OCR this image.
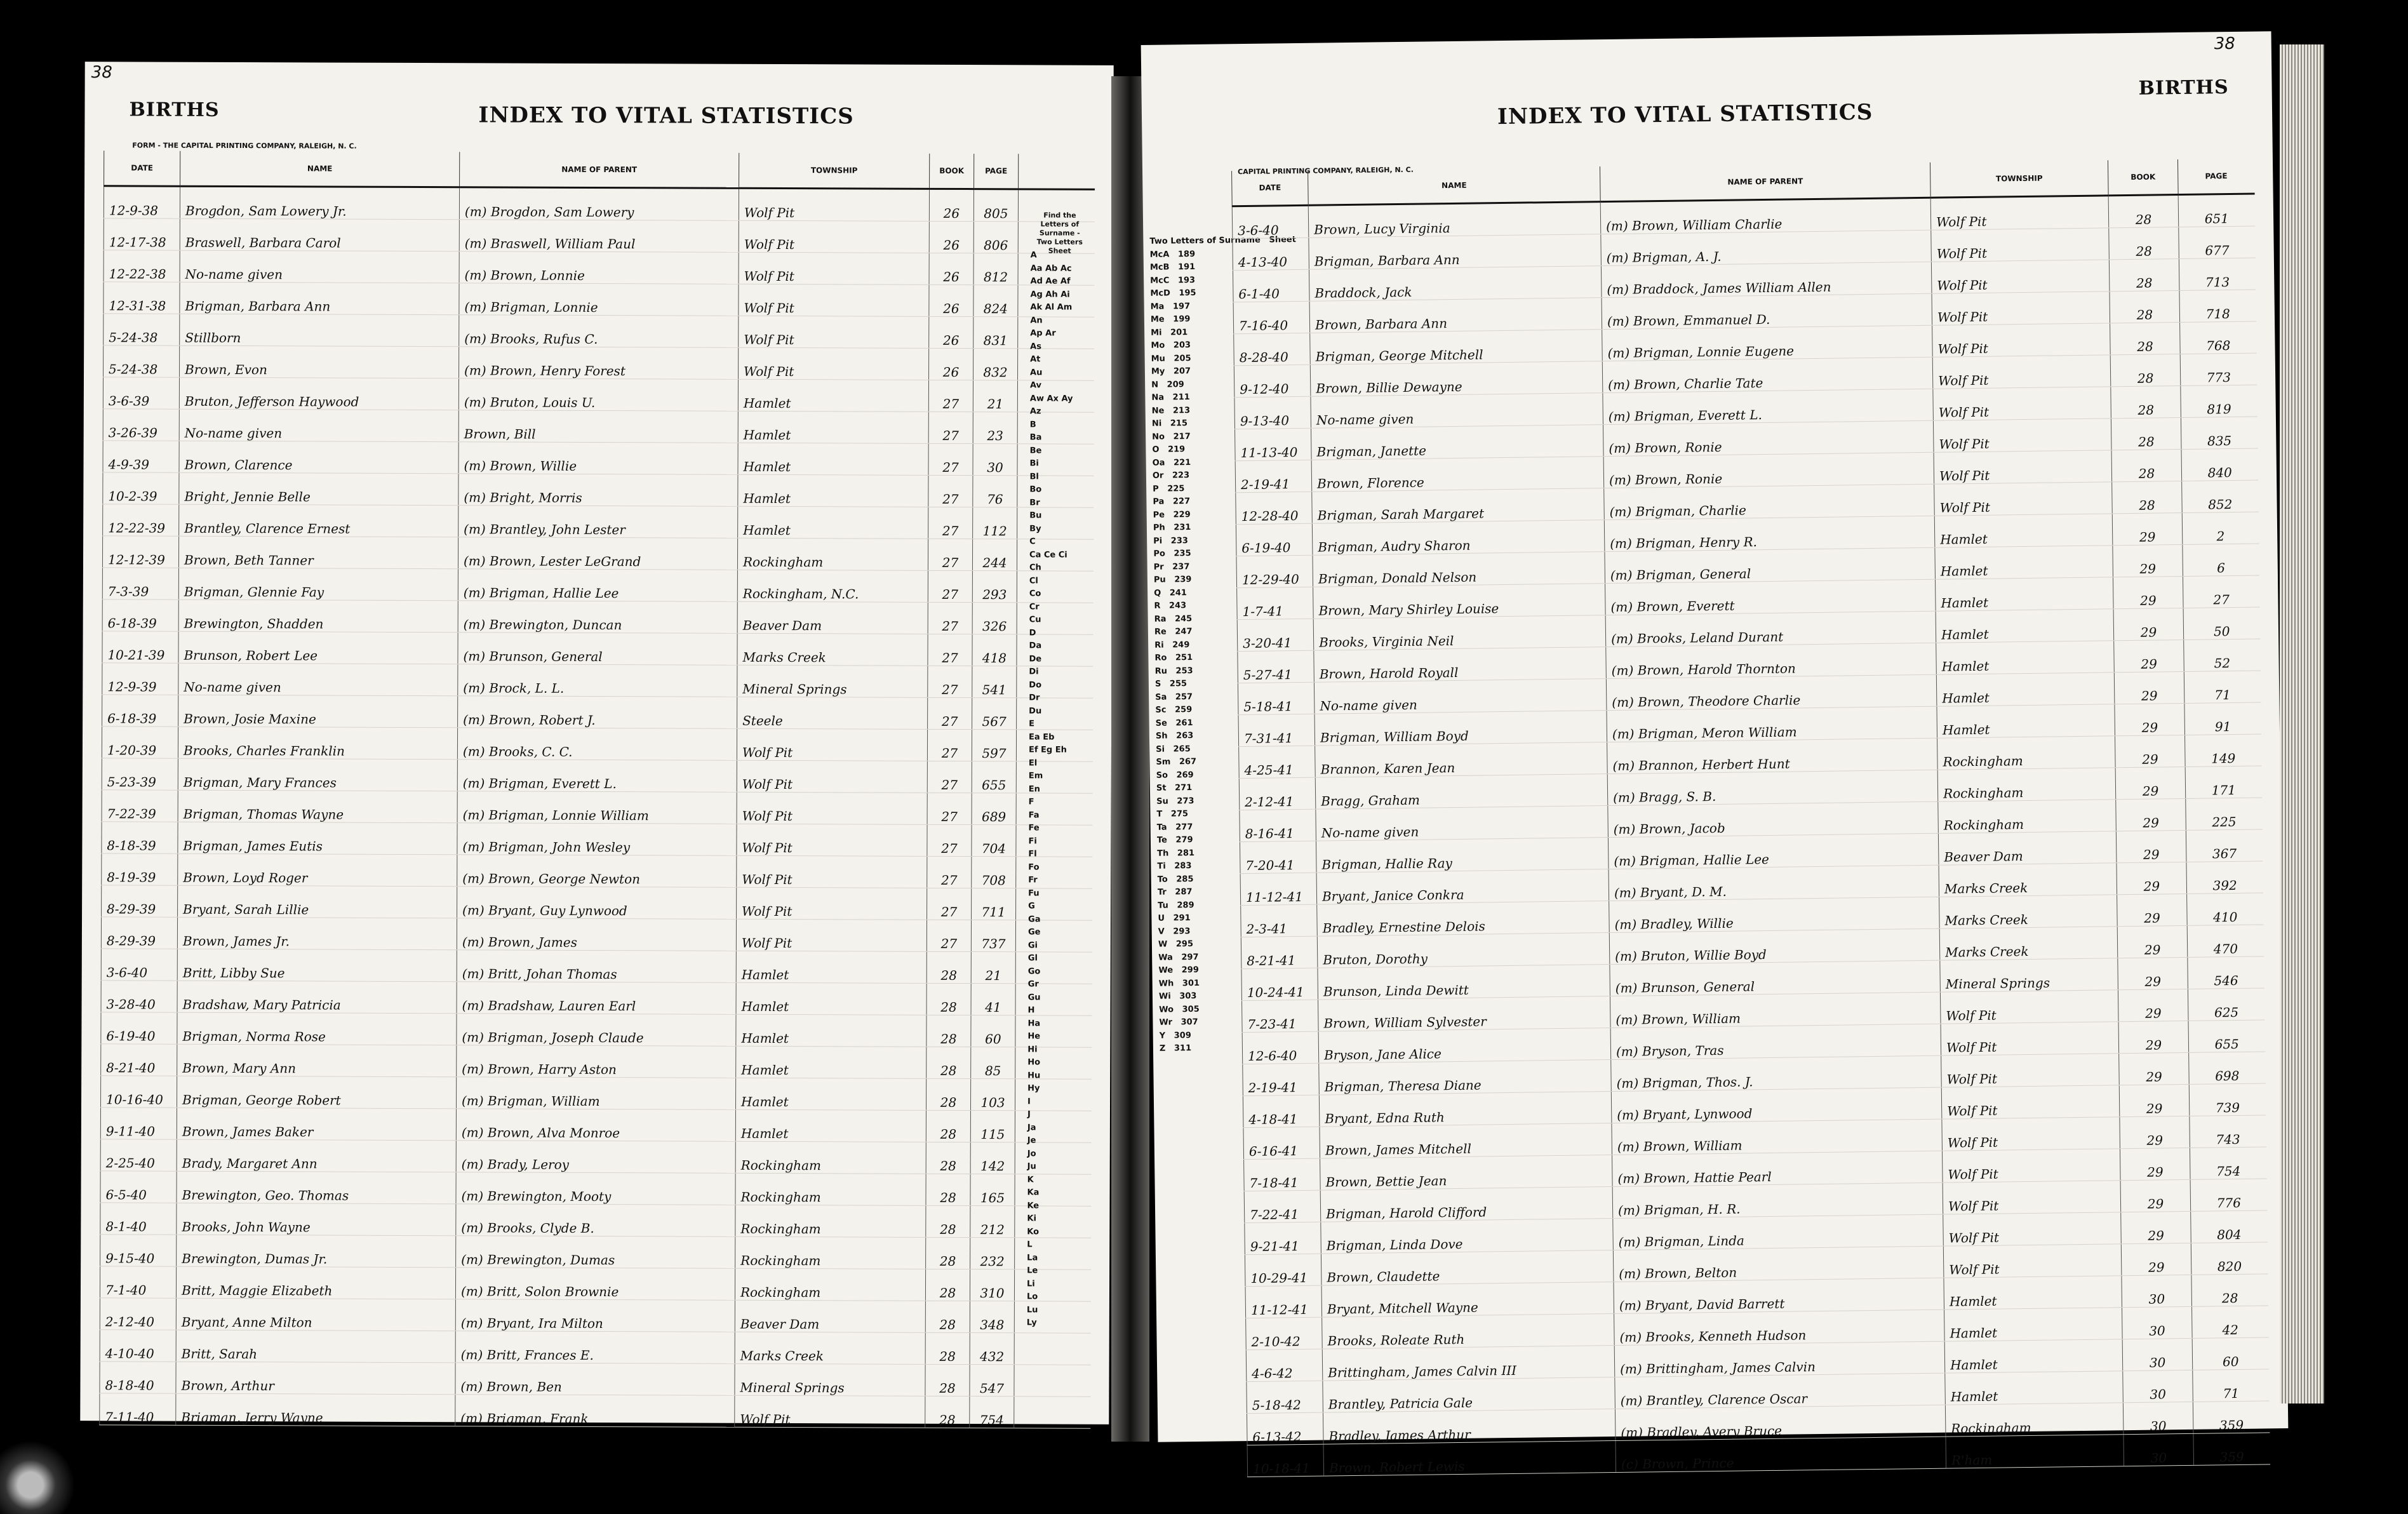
38
BIRTHS	INDEX TO VITAL STATISTICS
FORM - THE CAPITAL PRINTING COMPANY, RALEIGH, N. C.
DATE	NAME	NAME OF PARENT	TOWNSHIP	BOOK	PAGE	
12-9-38	Brogdon, Sam Lowery Jr.	(m) Brogdon, Sam Lowery	Wolf Pit	26	805	
12-17-38	Braswell, Barbara Carol	(m) Braswell, William Paul	Wolf Pit	26	806	
12-22-38	No-name given	(m) Brown, Lonnie	Wolf Pit	26	812	
12-31-38	Brigman, Barbara Ann	(m) Brigman, Lonnie	Wolf Pit	26	824	
5-24-38	Stillborn	(m) Brooks, Rufus C.	Wolf Pit	26	831	
5-24-38	Brown, Evon	(m) Brown, Henry Forest	Wolf Pit	26	832	
3-6-39	Bruton, Jefferson Haywood	(m) Bruton, Louis U.	Hamlet	27	21	
3-26-39	No-name given	Brown, Bill	Hamlet	27	23	
4-9-39	Brown, Clarence	(m) Brown, Willie	Hamlet	27	30	
10-2-39	Bright, Jennie Belle	(m) Bright, Morris	Hamlet	27	76	
12-22-39	Brantley, Clarence Ernest	(m) Brantley, John Lester	Hamlet	27	112	
12-12-39	Brown, Beth Tanner	(m) Brown, Lester LeGrand	Rockingham	27	244	
7-3-39	Brigman, Glennie Fay	(m) Brigman, Hallie Lee	Rockingham, N.C.	27	293	
6-18-39	Brewington, Shadden	(m) Brewington, Duncan	Beaver Dam	27	326	
10-21-39	Brunson, Robert Lee	(m) Brunson, General	Marks Creek	27	418	
12-9-39	No-name given	(m) Brock, L. L.	Mineral Springs	27	541	
6-18-39	Brown, Josie Maxine	(m) Brown, Robert J.	Steele	27	567	
1-20-39	Brooks, Charles Franklin	(m) Brooks, C. C.	Wolf Pit	27	597	
5-23-39	Brigman, Mary Frances	(m) Brigman, Everett L.	Wolf Pit	27	655	
7-22-39	Brigman, Thomas Wayne	(m) Brigman, Lonnie William	Wolf Pit	27	689	
8-18-39	Brigman, James Eutis	(m) Brigman, John Wesley	Wolf Pit	27	704	
8-19-39	Brown, Loyd Roger	(m) Brown, George Newton	Wolf Pit	27	708	
8-29-39	Bryant, Sarah Lillie	(m) Bryant, Guy Lynwood	Wolf Pit	27	711	
8-29-39	Brown, James Jr.	(m) Brown, James	Wolf Pit	27	737	
3-6-40	Britt, Libby Sue	(m) Britt, Johan Thomas	Hamlet	28	21	
3-28-40	Bradshaw, Mary Patricia	(m) Bradshaw, Lauren Earl	Hamlet	28	41	
6-19-40	Brigman, Norma Rose	(m) Brigman, Joseph Claude	Hamlet	28	60	
8-21-40	Brown, Mary Ann	(m) Brown, Harry Aston	Hamlet	28	85	
10-16-40	Brigman, George Robert	(m) Brigman, William	Hamlet	28	103	
9-11-40	Brown, James Baker	(m) Brown, Alva Monroe	Hamlet	28	115	
2-25-40	Brady, Margaret Ann	(m) Brady, Leroy	Rockingham	28	142	
6-5-40	Brewington, Geo. Thomas	(m) Brewington, Mooty	Rockingham	28	165	
8-1-40	Brooks, John Wayne	(m) Brooks, Clyde B.	Rockingham	28	212	
9-15-40	Brewington, Dumas Jr.	(m) Brewington, Dumas	Rockingham	28	232	
7-1-40	Britt, Maggie Elizabeth	(m) Britt, Solon Brownie	Rockingham	28	310	
2-12-40	Bryant, Anne Milton	(m) Bryant, Ira Milton	Beaver Dam	28	348	
4-10-40	Britt, Sarah	(m) Britt, Frances E.	Marks Creek	28	432	
8-18-40	Brown, Arthur	(m) Brown, Ben	Mineral Springs	28	547	
7-11-40	Brigman, Jerry Wayne	(m) Brigman, Frank	Wolf Pit	28	754	
Find the Letters of Surname - Two Letters Sheet
A
Aa Ab Ac
Ad Ae Af
Ag Ah Ai
Ak Al Am
An
Ap Ar
As
At
Au
Av
Aw Ax Ay
Az
B
Ba
Be
Bi
Bl
Bo
Br
Bu
By
C
Ca Ce Ci
Ch
Cl
Co
Cr
Cu
D
Da
De
Di
Do
Dr
Du
E
Ea Eb
Ef Eg Eh
El
Em
En
F
Fa
Fe
Fi
Fl
Fo
Fr
Fu
G
Ga
Ge
Gi
Gl
Go
Gr
Gu
H
Ha
He
Hi
Ho
Hu
Hy
I
J
Ja
Je
Jo
Ju
K
Ka
Ke
Ki
Ko
L
La
Le
Li
Lo
Lu
Ly
Two Letters of Surname   Sheet
McA   189
McB   191
McC   193
McD   195
Ma   197
Me   199
Mi   201
Mo   203
Mu   205
My   207
N   209
Na   211
Ne   213
Ni   215
No   217
O   219
Oa   221
Or   223
P   225
Pa   227
Pe   229
Ph   231
Pi   233
Po   235
Pr   237
Pu   239
Q   241
R   243
Ra   245
Re   247
Ri   249
Ro   251
Ru   253
S   255
Sa   257
Sc   259
Se   261
Sh   263
Si   265
Sm   267
So   269
St   271
Su   273
T   275
Ta   277
Te   279
Th   281
Ti   283
To   285
Tr   287
Tu   289
U   291
V   293
W   295
Wa   297
We   299
Wh   301
Wi   303
Wo   305
Wr   307
Y   309
Z   311
38
BIRTHS
INDEX TO VITAL STATISTICS
CAPITAL PRINTING COMPANY, RALEIGH, N. C.
DATE	NAME	NAME OF PARENT	TOWNSHIP	BOOK	PAGE
3-6-40	Brown, Lucy Virginia	(m) Brown, William Charlie	Wolf Pit	28	651
4-13-40	Brigman, Barbara Ann	(m) Brigman, A. J.	Wolf Pit	28	677
6-1-40	Braddock, Jack	(m) Braddock, James William Allen	Wolf Pit	28	713
7-16-40	Brown, Barbara Ann	(m) Brown, Emmanuel D.	Wolf Pit	28	718
8-28-40	Brigman, George Mitchell	(m) Brigman, Lonnie Eugene	Wolf Pit	28	768
9-12-40	Brown, Billie Dewayne	(m) Brown, Charlie Tate	Wolf Pit	28	773
9-13-40	No-name given	(m) Brigman, Everett L.	Wolf Pit	28	819
11-13-40	Brigman, Janette	(m) Brown, Ronie	Wolf Pit	28	835
2-19-41	Brown, Florence	(m) Brown, Ronie	Wolf Pit	28	840
12-28-40	Brigman, Sarah Margaret	(m) Brigman, Charlie	Wolf Pit	28	852
6-19-40	Brigman, Audry Sharon	(m) Brigman, Henry R.	Hamlet	29	2
12-29-40	Brigman, Donald Nelson	(m) Brigman, General	Hamlet	29	6
1-7-41	Brown, Mary Shirley Louise	(m) Brown, Everett	Hamlet	29	27
3-20-41	Brooks, Virginia Neil	(m) Brooks, Leland Durant	Hamlet	29	50
5-27-41	Brown, Harold Royall	(m) Brown, Harold Thornton	Hamlet	29	52
5-18-41	No-name given	(m) Brown, Theodore Charlie	Hamlet	29	71
7-31-41	Brigman, William Boyd	(m) Brigman, Meron William	Hamlet	29	91
4-25-41	Brannon, Karen Jean	(m) Brannon, Herbert Hunt	Rockingham	29	149
2-12-41	Bragg, Graham	(m) Bragg, S. B.	Rockingham	29	171
8-16-41	No-name given	(m) Brown, Jacob	Rockingham	29	225
7-20-41	Brigman, Hallie Ray	(m) Brigman, Hallie Lee	Beaver Dam	29	367
11-12-41	Bryant, Janice Conkra	(m) Bryant, D. M.	Marks Creek	29	392
2-3-41	Bradley, Ernestine Delois	(m) Bradley, Willie	Marks Creek	29	410
8-21-41	Bruton, Dorothy	(m) Bruton, Willie Boyd	Marks Creek	29	470
10-24-41	Brunson, Linda Dewitt	(m) Brunson, General	Mineral Springs	29	546
7-23-41	Brown, William Sylvester	(m) Brown, William	Wolf Pit	29	625
12-6-40	Bryson, Jane Alice	(m) Bryson, Tras	Wolf Pit	29	655
2-19-41	Brigman, Theresa Diane	(m) Brigman, Thos. J.	Wolf Pit	29	698
4-18-41	Bryant, Edna Ruth	(m) Bryant, Lynwood	Wolf Pit	29	739
6-16-41	Brown, James Mitchell	(m) Brown, William	Wolf Pit	29	743
7-18-41	Brown, Bettie Jean	(m) Brown, Hattie Pearl	Wolf Pit	29	754
7-22-41	Brigman, Harold Clifford	(m) Brigman, H. R.	Wolf Pit	29	776
9-21-41	Brigman, Linda Dove	(m) Brigman, Linda	Wolf Pit	29	804
10-29-41	Brown, Claudette	(m) Brown, Belton	Wolf Pit	29	820
11-12-41	Bryant, Mitchell Wayne	(m) Bryant, David Barrett	Hamlet	30	28
2-10-42	Brooks, Roleate Ruth	(m) Brooks, Kenneth Hudson	Hamlet	30	42
4-6-42	Brittingham, James Calvin III	(m) Brittingham, James Calvin	Hamlet	30	60
5-18-42	Brantley, Patricia Gale	(m) Brantley, Clarence Oscar	Hamlet	30	71
6-13-42	Bradley, James Arthur	(m) Bradley, Avery Bruce	Rockingham	30	359
10-18-41	Brown, Robert Lewis	(c) Brown, Prince	R'ham	30	359
